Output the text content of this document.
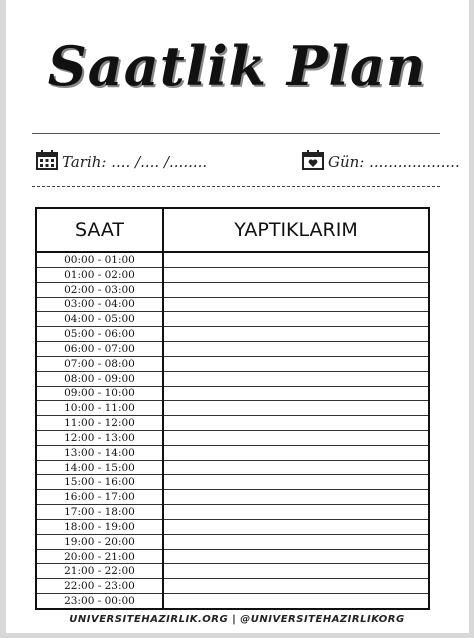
Saatlik Plan
Tarih: .... /.... /........	Gün: ...................
SAAT	YAPTIKLARIM
00:00 - 01:00	
01:00 - 02:00	
02:00 - 03:00	
03:00 - 04:00	
04:00 - 05:00	
05:00 - 06:00	
06:00 - 07:00	
07:00 - 08:00	
08:00 - 09:00	
09:00 - 10:00	
10:00 - 11:00	
11:00 - 12:00	
12:00 - 13:00	
13:00 - 14:00	
14:00 - 15:00	
15:00 - 16:00	
16:00 - 17:00	
17:00 - 18:00	
18:00 - 19:00	
19:00 - 20:00	
20:00 - 21:00	
21:00 - 22:00	
22:00 - 23:00	
23:00 - 00:00	
UNIVERSITEHAZIRLIK.ORG | @UNIVERSITEHAZIRLIKORG
